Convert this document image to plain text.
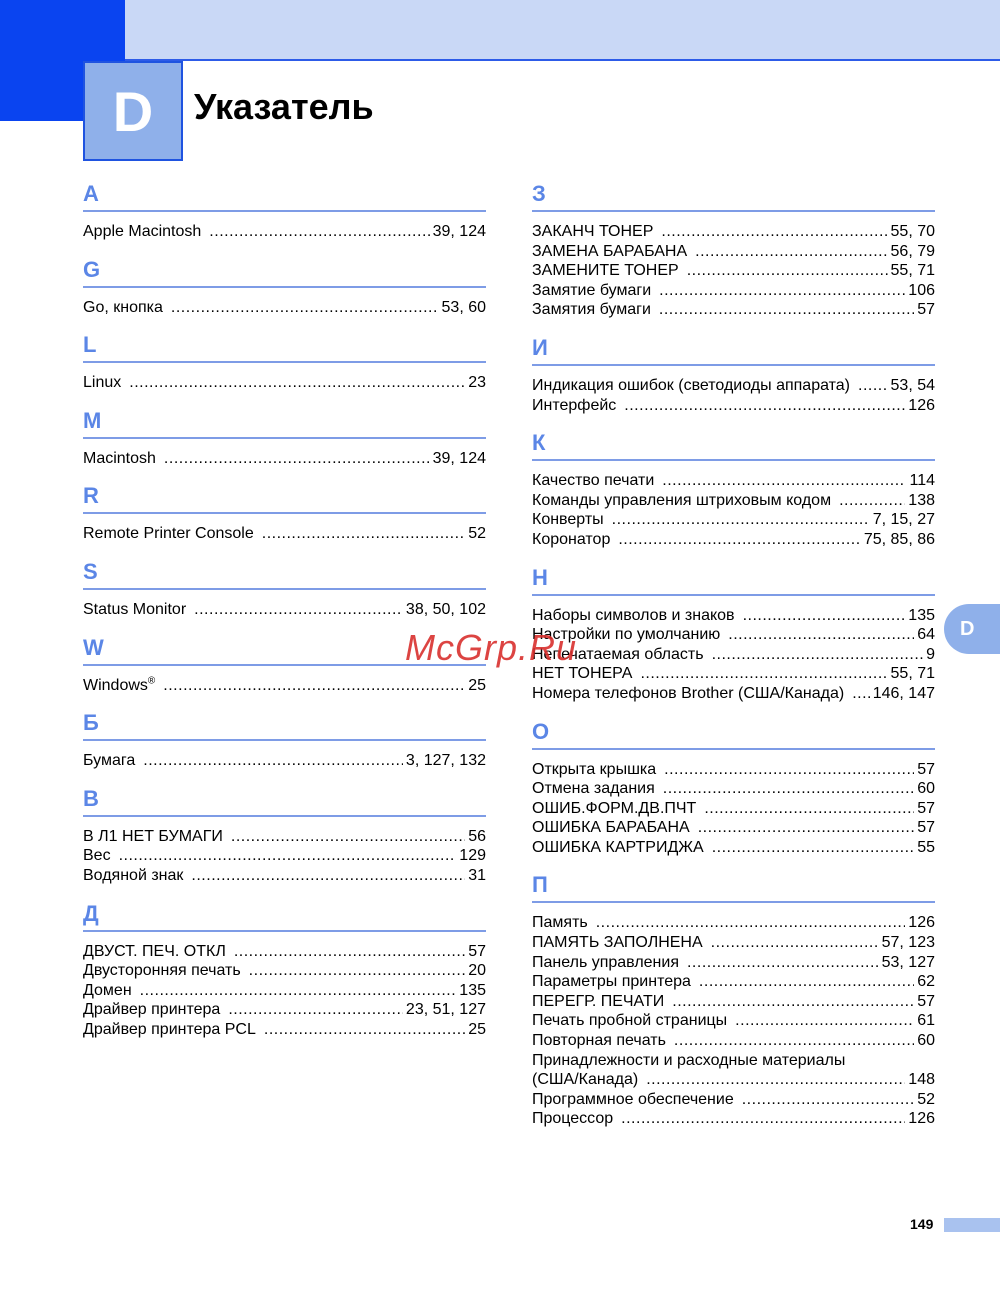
D Указатель
A
Apple Macintosh .....	39, 124
G
Go, кнопка .....	53, 60
L
Linux .....	23
M
Macintosh .....	39, 124
R
Remote Printer Console .....	52
S
Status Monitor .....	38, 50, 102
W
Windows® .....	25
Б
Бумага .....	3, 127, 132
В
В Л1 НЕТ БУМАГИ .....	56
Вес .....	129
Водяной знак .....	31
Д
ДВУСТ. ПЕЧ. ОТКЛ .....	57
Двусторонняя печать .....	20
Домен .....	135
Драйвер принтера .....	23, 51, 127
Драйвер принтера PCL .....	25
З
ЗАКАНЧ ТОНЕР .....	55, 70
ЗАМЕНА БАРАБАНА .....	56, 79
ЗАМЕНИТЕ ТОНЕР .....	55, 71
Замятие бумаги .....	106
Замятия бумаги .....	57
И
Индикация ошибок (светодиоды аппарата) .....	53, 54
Интерфейс .....	126
К
Качество печати .....	114
Команды управления штриховым кодом .....	138
Конверты .....	7, 15, 27
Коронатор .....	75, 85, 86
Н
Наборы символов и знаков .....	135
Настройки по умолчанию .....	64
Непечатаемая область .....	9
НЕТ ТОНЕРА .....	55, 71
Номера телефонов Brother (США/Канада) ..... 146, 147
О
Открыта крышка .....	57
Отмена задания .....	60
ОШИБ.ФОРМ.ДВ.ПЧТ .....	57
ОШИБКА БАРАБАНА .....	57
ОШИБКА КАРТРИДЖА .....	55
П
Память .....	126
ПАМЯТЬ ЗАПОЛНЕНА .....	57, 123
Панель управления .....	53, 127
Параметры принтера .....	62
ПЕРЕГР. ПЕЧАТИ .....	57
Печать пробной страницы .....	61
Повторная печать .....	60
Принадлежности и расходные материалы
(США/Канада) .....	148
Программное обеспечение .....	52
Процессор .....	126
D
McGrp.Ru
149
